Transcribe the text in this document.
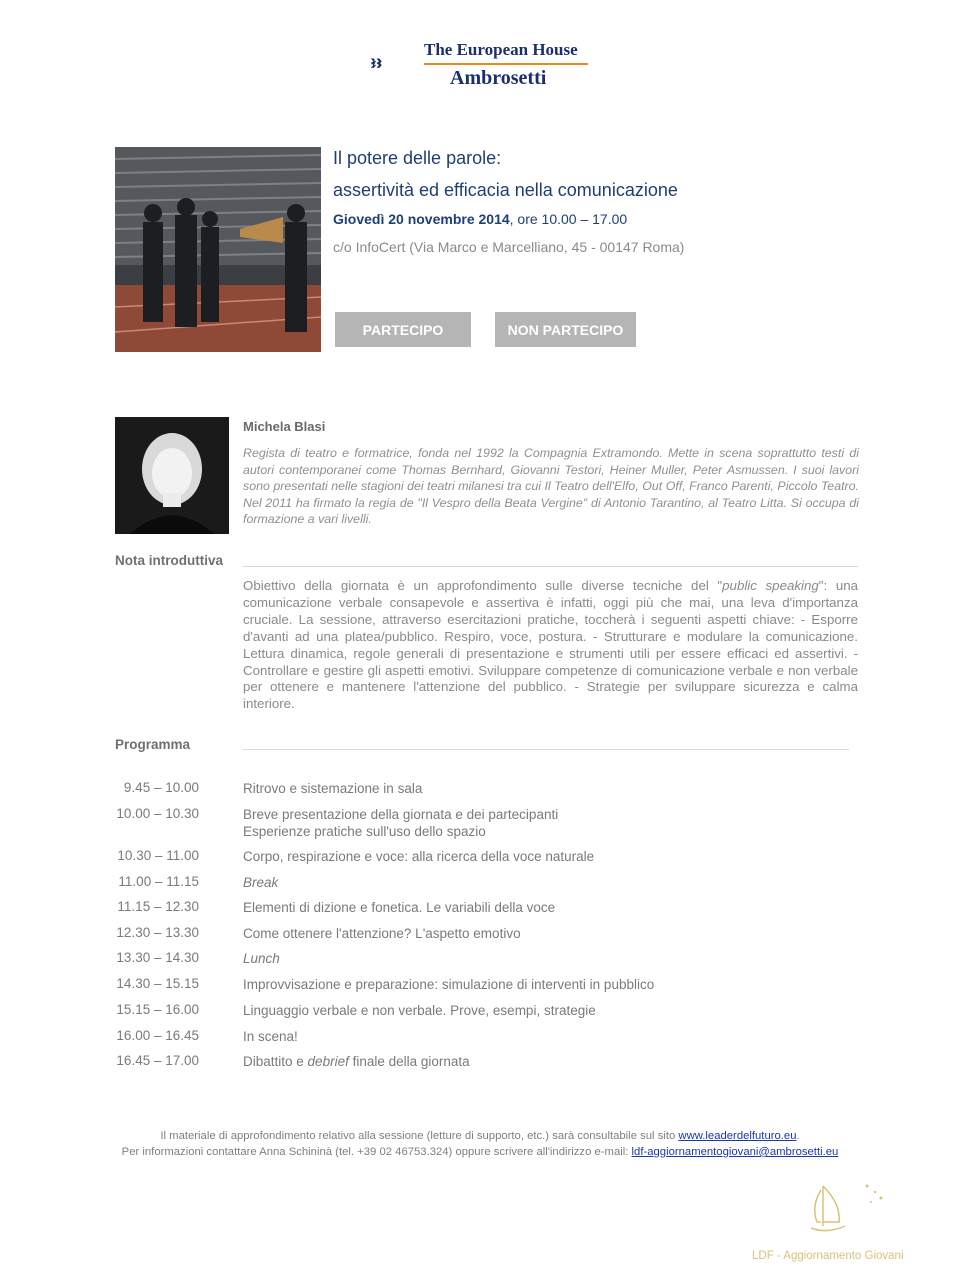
The European House
Ambrosetti
Il potere delle parole:
assertività ed efficacia nella comunicazione
Giovedì 20 novembre 2014, ore 10.00 – 17.00
c/o InfoCert (Via Marco e Marcelliano, 45 - 00147 Roma)
PARTECIPO	NON PARTECIPO
Michela Blasi
Regista di teatro e formatrice, fonda nel 1992 la Compagnia Extramondo. Mette in scena soprattutto testi di autori contemporanei come Thomas Bernhard, Giovanni Testori, Heiner Muller, Peter Asmussen. I suoi lavori sono presentati nelle stagioni dei teatri milanesi tra cui Il Teatro dell'Elfo, Out Off, Franco Parenti, Piccolo Teatro. Nel 2011 ha firmato la regia de "Il Vespro della Beata Vergine" di Antonio Tarantino, al Teatro Litta. Si occupa di formazione a vari livelli.
Nota introduttiva
Obiettivo della giornata è un approfondimento sulle diverse tecniche del "public speaking": una comunicazione verbale consapevole e assertiva è infatti, oggi più che mai, una leva d'importanza cruciale. La sessione, attraverso esercitazioni pratiche, toccherà i seguenti aspetti chiave: - Esporre d'avanti ad una platea/pubblico. Respiro, voce, postura. - Strutturare e modulare la comunicazione. Lettura dinamica, regole generali di presentazione e strumenti utili per essere efficaci ed assertivi. - Controllare e gestire gli aspetti emotivi. Sviluppare competenze di comunicazione verbale e non verbale per ottenere e mantenere l'attenzione del pubblico. - Strategie per sviluppare sicurezza e calma interiore.
Programma
9.45 – 10.00	Ritrovo e sistemazione in sala
10.00 – 10.30	Breve presentazione della giornata e dei partecipanti
Esperienze pratiche sull'uso dello spazio
10.30 – 11.00	Corpo, respirazione e voce: alla ricerca della voce naturale
11.00 – 11.15	Break
11.15 – 12.30	Elementi di dizione e fonetica. Le variabili della voce
12.30 – 13.30	Come ottenere l'attenzione? L'aspetto emotivo
13.30 – 14.30	Lunch
14.30 – 15.15	Improvvisazione e preparazione: simulazione di interventi in pubblico
15.15 – 16.00	Linguaggio verbale e non verbale. Prove, esempi, strategie
16.00 – 16.45	In scena!
16.45 – 17.00	Dibattito e debrief finale della giornata
Il materiale di approfondimento relativo alla sessione (letture di supporto, etc.) sarà consultabile sul sito www.leaderdelfuturo.eu.
Per informazioni contattare Anna Schininà (tel. +39 02 46753.324) oppure scrivere all'indirizzo e-mail: ldf-aggiornamentogiovani@ambrosetti.eu
LDF - Aggiornamento Giovani
